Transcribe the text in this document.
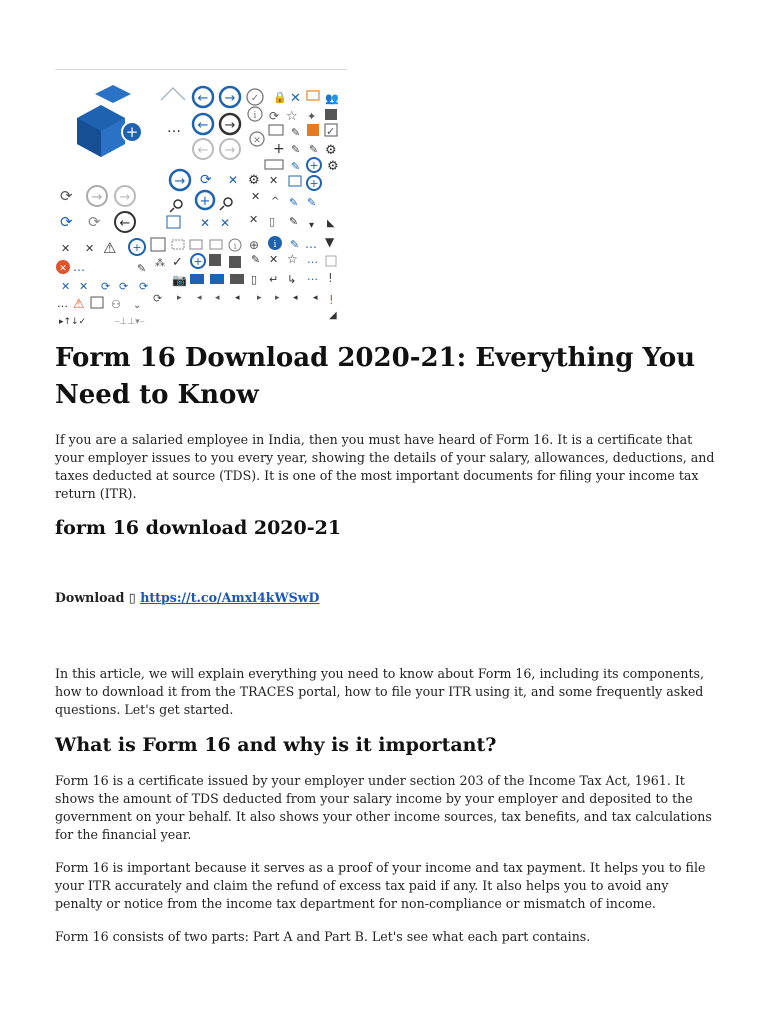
+
← → ✓ 🔒 ✕ 👥
… ← →
i ⟳ ☆ ✦
✓
✎
← →
✕ + ✎ ✎ ⚙
✎ + ⚙
→ ⟳ ✕ ⚙ ✕	+
⟳ → →	+	✕ ^ ✎ ✎
⟳ ⟳ ←	✕ ✕ ✕ ▯ ✎ ▾ ◣
✕ ✕ ⚠ +	i ⊕ i ✎ … ▼
✕ …	✎ ⁂ ✓ +	✎ ✕ ☆ …
✕ ✕ ⟳ ⟳ ⟳ 📷	▯ ↵ ↳ … !
… ⚠ ⚇ ⌄
⟳ ▸ ◂ ◂ ◂ ▸ ▸ ◂ ◂ !
▸↑↓✓	⎯⊥⊥▾⎯
◢
Form 16 Download 2020-21: Everything You Need to Know

If you are a salaried employee in India, then you must have heard of Form 16. It is a certificate that your employer issues to you every year, showing the details of your salary, allowances, deductions, and taxes deducted at source (TDS). It is one of the most important documents for filing your income tax return (ITR).

form 16 download 2020-21

Download ▯ https://t.co/Amxl4kWSwD

In this article, we will explain everything you need to know about Form 16, including its components, how to download it from the TRACES portal, how to file your ITR using it, and some frequently asked questions. Let's get started.

What is Form 16 and why is it important?

Form 16 is a certificate issued by your employer under section 203 of the Income Tax Act, 1961. It shows the amount of TDS deducted from your salary income by your employer and deposited to the government on your behalf. It also shows your other income sources, tax benefits, and tax calculations for the financial year.

Form 16 is important because it serves as a proof of your income and tax payment. It helps you to file your ITR accurately and claim the refund of excess tax paid if any. It also helps you to avoid any penalty or notice from the income tax department for non-compliance or mismatch of income.

Form 16 consists of two parts: Part A and Part B. Let's see what each part contains.
